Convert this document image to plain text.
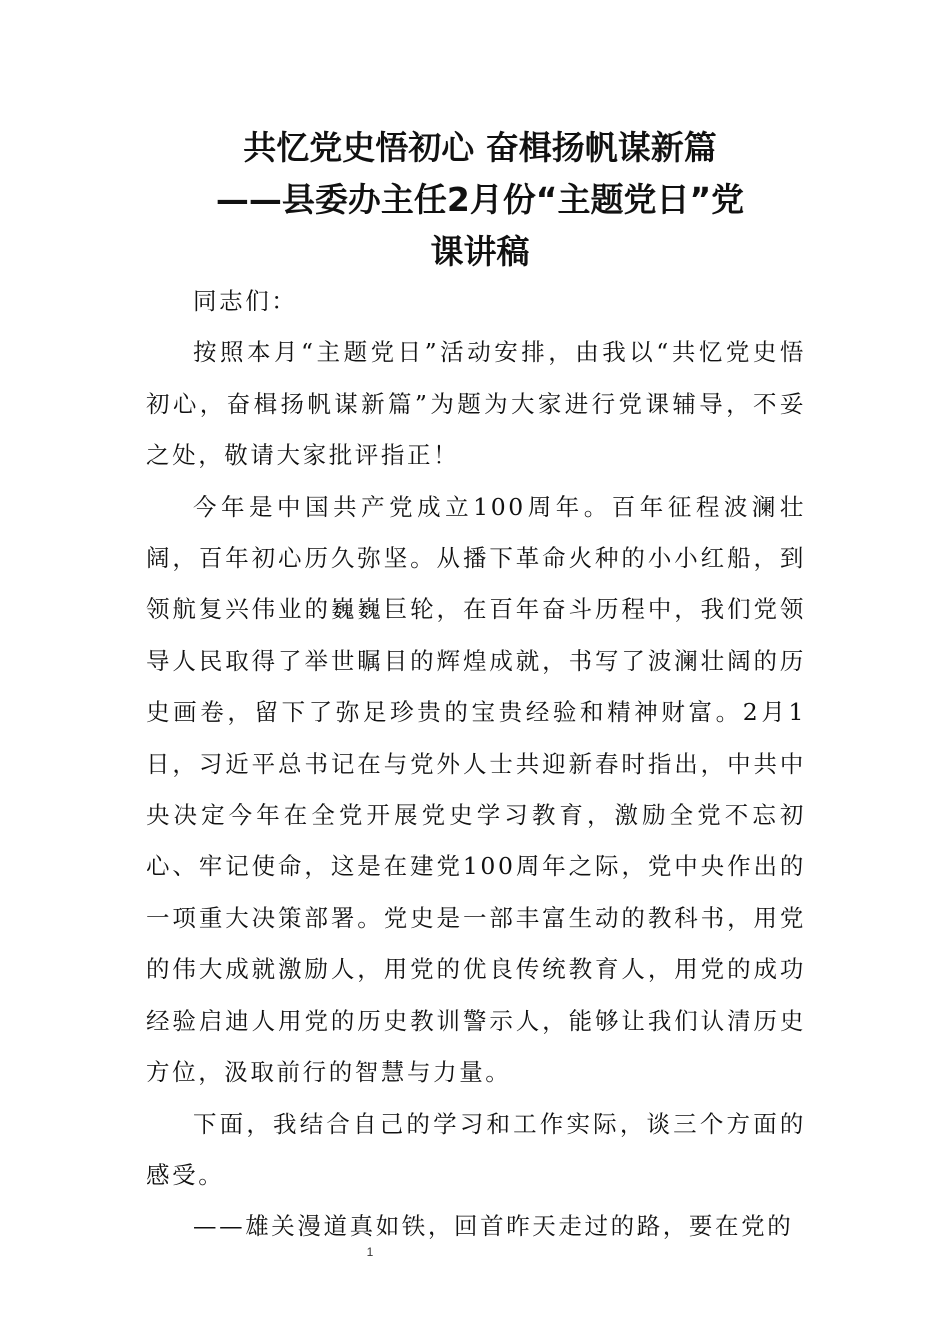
共忆党史悟初心 奋楫扬帆谋新篇
——县委办主任2月份“主题党日”党
课讲稿

同志们：

按照本月“主题党日”活动安排，由我以“共忆党史悟初心，奋楫扬帆谋新篇”为题为大家进行党课辅导，不妥之处，敬请大家批评指正！

今年是中国共产党成立100周年。百年征程波澜壮阔，百年初心历久弥坚。从播下革命火种的小小红船，到领航复兴伟业的巍巍巨轮，在百年奋斗历程中，我们党领导人民取得了举世瞩目的辉煌成就，书写了波澜壮阔的历史画卷，留下了弥足珍贵的宝贵经验和精神财富。2月1日，习近平总书记在与党外人士共迎新春时指出，中共中央决定今年在全党开展党史学习教育，激励全党不忘初心、牢记使命，这是在建党100周年之际，党中央作出的一项重大决策部署。党史是一部丰富生动的教科书，用党的伟大成就激励人，用党的优良传统教育人，用党的成功经验启迪人用党的历史教训警示人，能够让我们认清历史方位，汲取前行的智慧与力量。

下面，我结合自己的学习和工作实际，谈三个方面的感受。

——雄关漫道真如铁，回首昨天走过的路，要在党的

1
